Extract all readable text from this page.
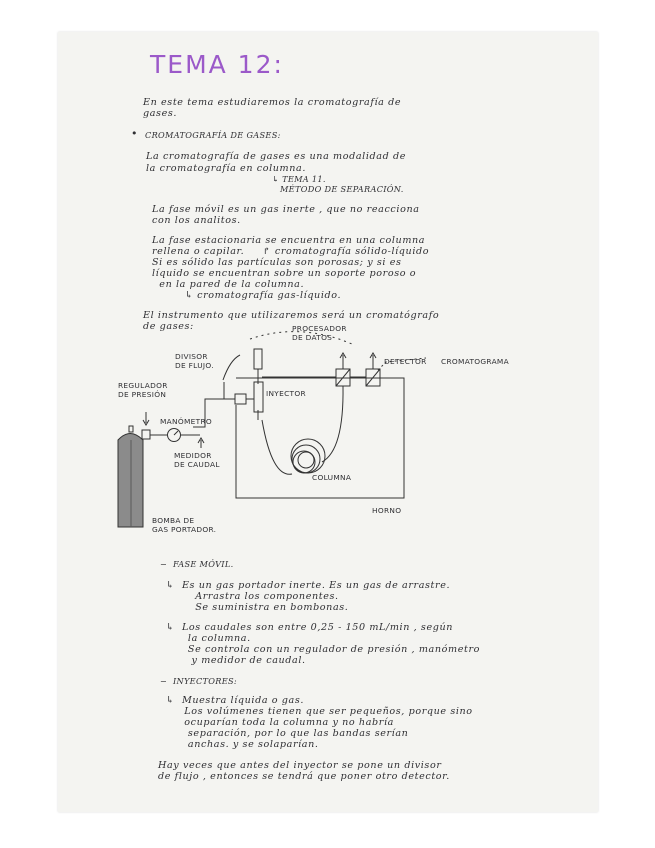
TEMA 12:
En este tema estudiaremos la cromatografía de
gases.
• CROMATOGRAFÍA DE GASES:
La cromatografía de gases es una modalidad de
la cromatografía en columna.
↳ TEMA 11.
MÉTODO DE SEPARACIÓN.
La fase móvil es un gas inerte , que no reacciona
con los analitos.
La fase estacionaria se encuentra en una columna
rellena o capilar.     ↱ cromatografía sólido-líquido
Si es sólido las partículas son porosas; y si es
líquido se encuentran sobre un soporte poroso o
en la pared de la columna.
↳ cromatografía gas-líquido.
El instrumento que utilizaremos será un cromatógrafo
de gases:	PROCESADOR
DE DATOS
DIVISOR
DE FLUJO.	DETECTOR CROMATOGRAMA
REGULADOR
DE PRESIÓN
MANÓMETRO
INYECTOR
MEDIDOR
DE CAUDAL
COLUMNA
HORNO
BOMBA DE
GAS PORTADOR.
−  FASE MÓVIL.
↳  Es un gas portador inerte. Es un gas de arrastre.
Arrastra los componentes.
Se suministra en bombonas.
↳  Los caudales son entre 0,25 - 150 mL/min , según
la columna.
Se controla con un regulador de presión , manómetro
y medidor de caudal.
−  INYECTORES:
↳  Muestra líquida o gas.
Los volúmenes tienen que ser pequeños, porque sino
ocuparían toda la columna y no habría
separación, por lo que las bandas serían
anchas. y se solaparían.
Hay veces que antes del inyector se pone un divisor
de flujo , entonces se tendrá que poner otro detector.
